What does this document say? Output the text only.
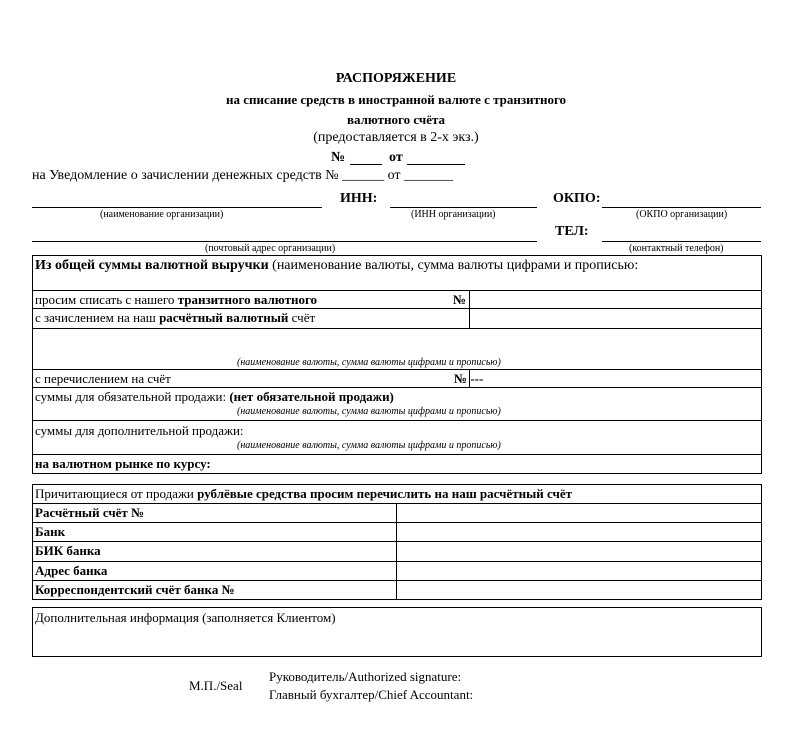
РАСПОРЯЖЕНИЕ
на списание средств в иностранной валюте с транзитного
валютного счёта
(предоставляется в 2-х экз.)
№	от
на Уведомление о зачислении денежных средств № ______ от _______
(наименование организации)
ИНН:
(ИНН организации)
ОКПО:
(ОКПО организации)
(почтовый адрес организации)
ТЕЛ:
(контактный телефон)
Из общей суммы валютной выручки (наименование валюты, сумма валюты цифрами и прописью:
просим списать с нашего транзитного валютного	№
с зачислением на наш расчётный валютный счёт
(наименование валюты, сумма валюты цифрами и прописью)
с перечислением на счёт	№ ---
суммы для обязательной продажи: (нет обязательной продажи)
(наименование валюты, сумма валюты цифрами и прописью)
суммы для дополнительной продажи:
(наименование валюты, сумма валюты цифрами и прописью)
на валютном рынке по курсу:
Причитающиеся от продажи рублёвые средства просим перечислить на наш расчётный счёт
Расчётный счёт №
Банк
БИК банка
Адрес банка
Корреспондентский счёт банка №
Дополнительная информация (заполняется Клиентом)
М.П./Seal
Руководитель/Authorized signature:
Главный бухгалтер/Chief Accountant:
